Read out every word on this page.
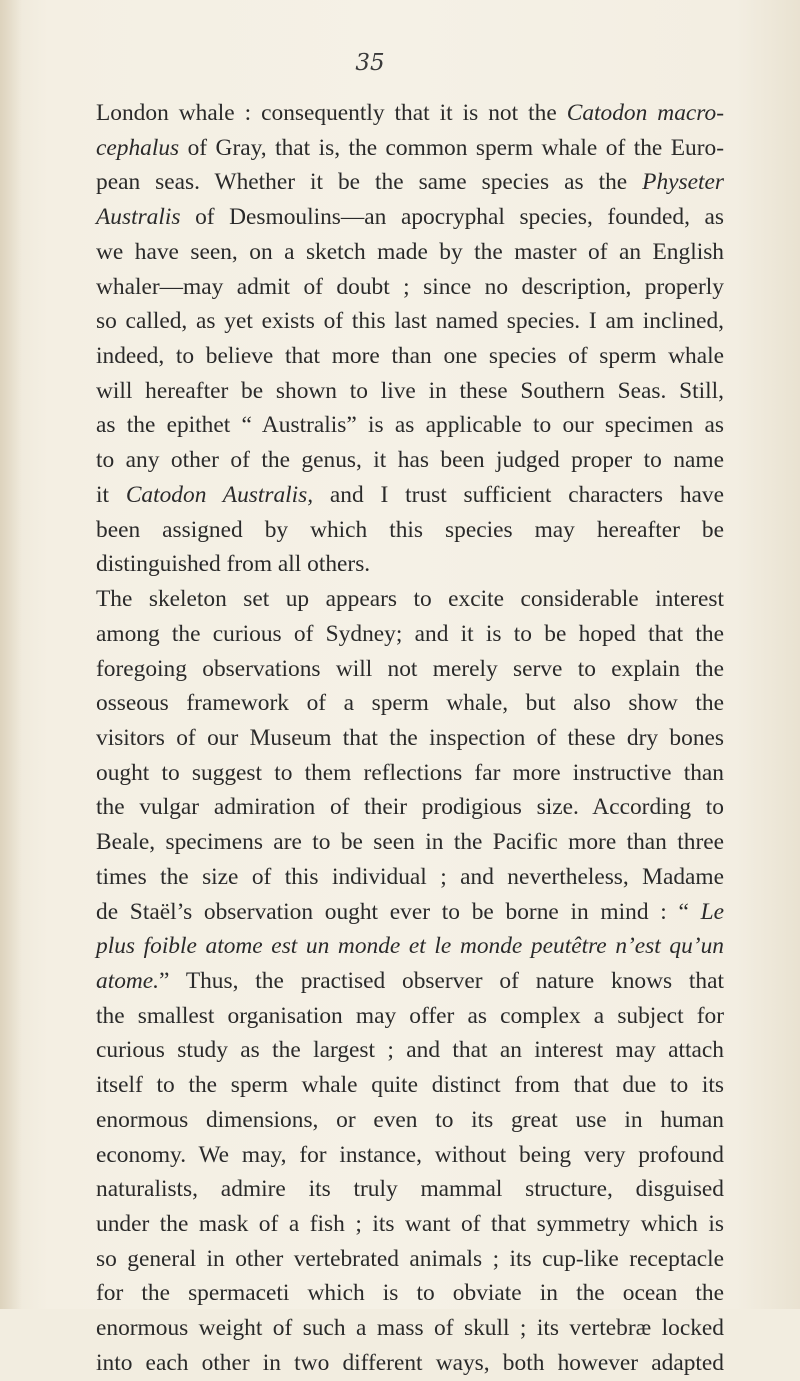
35
London whale : consequently that it is not the Catodon macro-
cephalus of Gray, that is, the common sperm whale of the Euro-
pean seas. Whether it be the same species as the Physeter
Australis of Desmoulins—an apocryphal species, founded, as
we have seen, on a sketch made by the master of an English
whaler—may admit of doubt ; since no description, properly
so called, as yet exists of this last named species. I am inclined,
indeed, to believe that more than one species of sperm whale
will hereafter be shown to live in these Southern Seas. Still,
as the epithet “ Australis” is as applicable to our specimen as
to any other of the genus, it has been judged proper to name
it Catodon Australis, and I trust sufficient characters have
been assigned by which this species may hereafter be
distinguished from all others.
The skeleton set up appears to excite considerable interest
among the curious of Sydney; and it is to be hoped that the
foregoing observations will not merely serve to explain the
osseous framework of a sperm whale, but also show the
visitors of our Museum that the inspection of these dry bones
ought to suggest to them reflections far more instructive than
the vulgar admiration of their prodigious size. According to
Beale, specimens are to be seen in the Pacific more than three
times the size of this individual ; and nevertheless, Madame
de Staël’s observation ought ever to be borne in mind : “ Le
plus foible atome est un monde et le monde peutêtre n’est qu’un
atome.” Thus, the practised observer of nature knows that
the smallest organisation may offer as complex a subject for
curious study as the largest ; and that an interest may attach
itself to the sperm whale quite distinct from that due to its
enormous dimensions, or even to its great use in human
economy. We may, for instance, without being very profound
naturalists, admire its truly mammal structure, disguised
under the mask of a fish ; its want of that symmetry which is
so general in other vertebrated animals ; its cup-like receptacle
for the spermaceti which is to obviate in the ocean the
enormous weight of such a mass of skull ; its vertebræ locked
into each other in two different ways, both however adapted
